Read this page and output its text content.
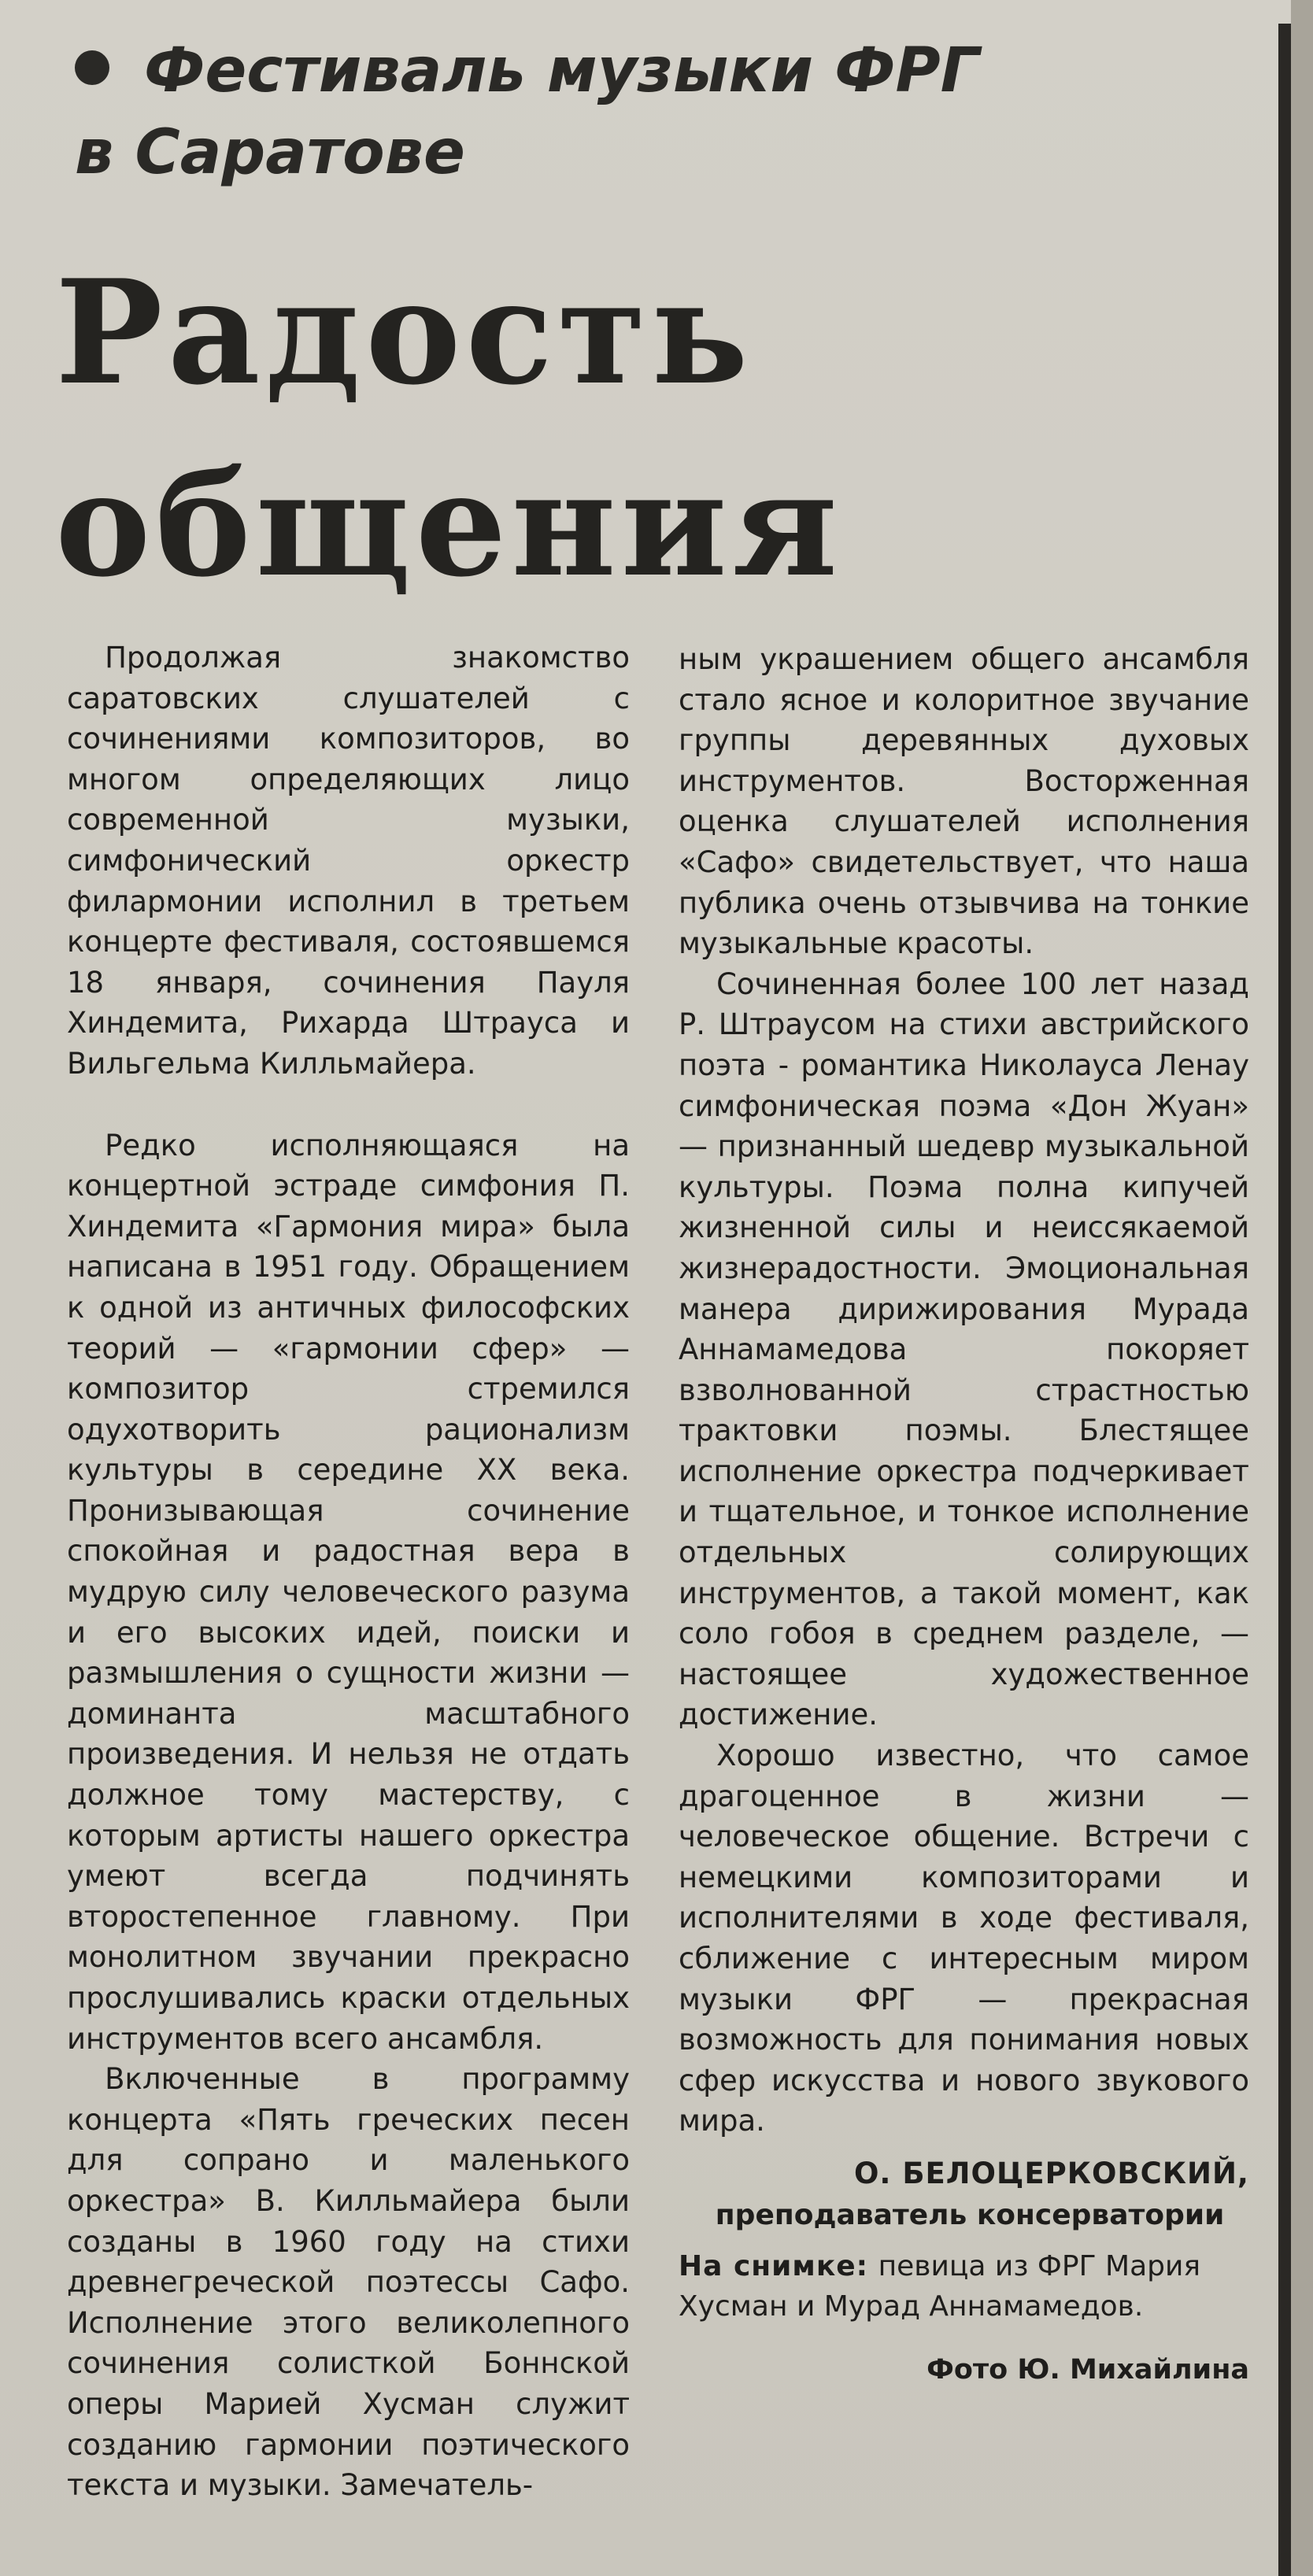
Фестиваль музыки ФРГ
в Саратове
Радость
общения

Продолжая знакомство саратовских слушателей с сочинениями композиторов, во многом определяющих лицо современной музыки, симфонический оркестр филармонии исполнил в третьем концерте фестиваля, состоявшемся 18 января, сочинения Пауля Хиндемита, Рихарда Штрауса и Вильгельма Килльмайера.

Редко исполняющаяся на концертной эстраде симфония П. Хиндемита «Гармония мира» была написана в 1951 году. Обращением к одной из античных философских теорий — «гармонии сфер» — композитор стремился одухотворить рационализм культуры в середине XX века. Пронизывающая сочинение спокойная и радостная вера в мудрую силу человеческого разума и его высоких идей, поиски и размышления о сущности жизни — доминанта масштабного произведения. И нельзя не отдать должное тому мастерству, с которым артисты нашего оркестра умеют всегда подчинять второстепенное главному. При монолитном звучании прекрасно прослушивались краски отдельных инструментов всего ансамбля.

Включенные в программу концерта «Пять греческих песен для сопрано и маленького оркестра» В. Килльмайера были созданы в 1960 году на стихи древнегреческой поэтессы Сафо. Исполнение этого великолепного сочинения солисткой Боннской оперы Марией Хусман служит созданию гармонии поэтического текста и музыки. Замечатель-

ным украшением общего ансамбля стало ясное и колоритное звучание группы деревянных духовых инструментов. Восторженная оценка слушателей исполнения «Сафо» свидетельствует, что наша публика очень отзывчива на тонкие музыкальные красоты.

Сочиненная более 100 лет назад Р. Штраусом на стихи австрийского поэта - романтика Николауса Ленау симфоническая поэма «Дон Жуан» — признанный шедевр музыкальной культуры. Поэма полна кипучей жизненной силы и неиссякаемой жизнерадостности. Эмоциональная манера дирижирования Мурада Аннамамедова покоряет взволнованной страстностью трактовки поэмы. Блестящее исполнение оркестра подчеркивает и тщательное, и тонкое исполнение отдельных солирующих инструментов, а такой момент, как соло гобоя в среднем разделе, — настоящее художественное достижение.

Хорошо известно, что самое драгоценное в жизни — человеческое общение. Встречи с немецкими композиторами и исполнителями в ходе фестиваля, сближение с интересным миром музыки ФРГ — прекрасная возможность для понимания новых сфер искусства и нового звукового мира.

О. БЕЛОЦЕРКОВСКИЙ,
преподаватель консерватории
На снимке: певица из ФРГ Мария Хусман и Мурад Аннамамедов.
Фото Ю. Михайлина
